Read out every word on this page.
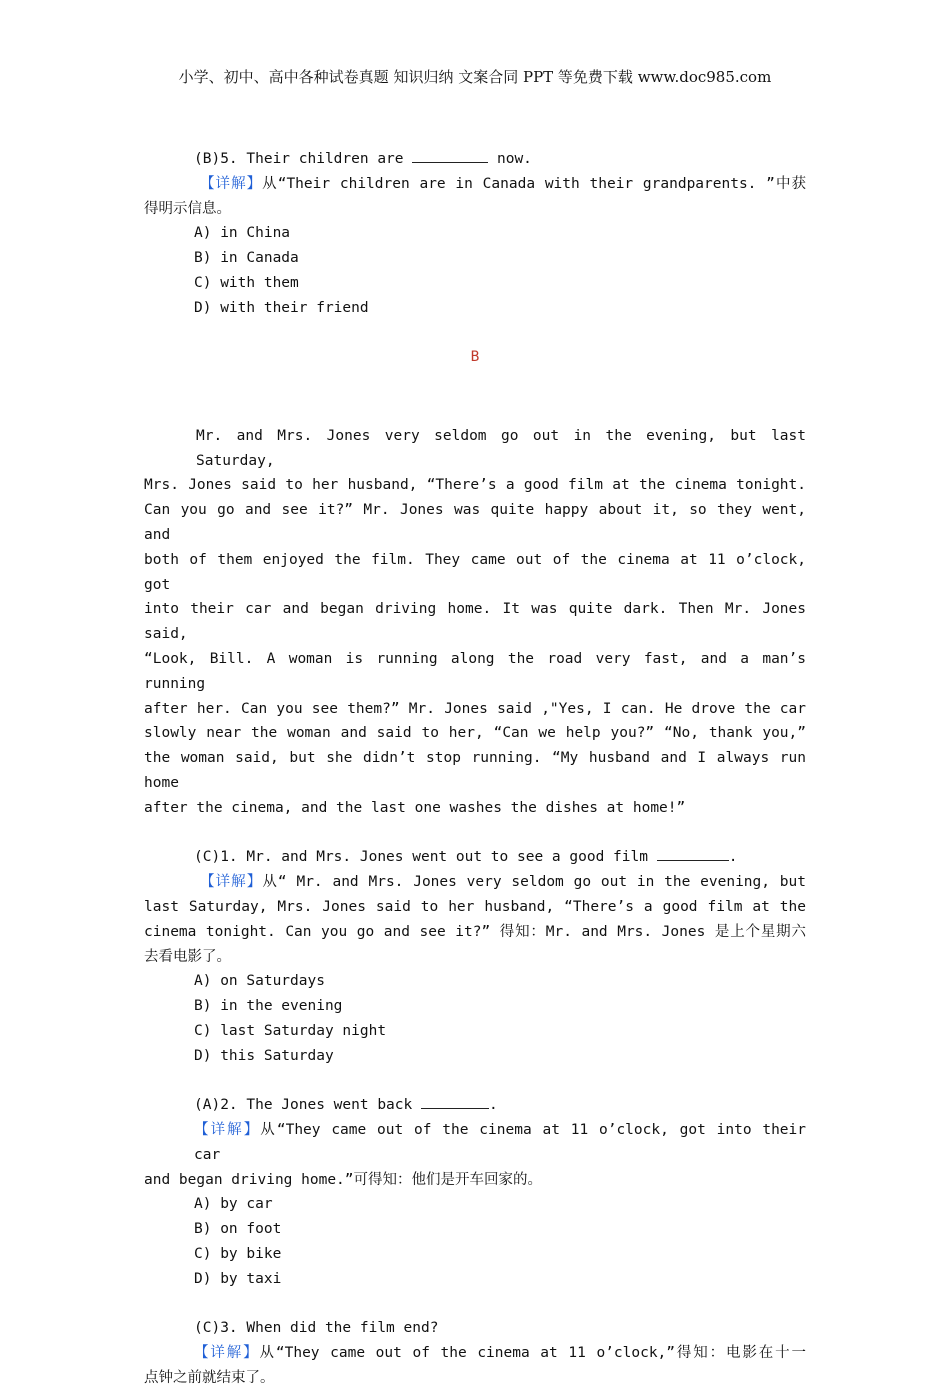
小学、初中、高中各种试卷真题 知识归纳 文案合同 PPT 等免费下载 www.doc985.com
(B)5. Their children are	now.
【详解】从“Their children are in Canada with their grandparents. ”中获
得明示信息。
A) in China
B) in Canada
C) with them
D) with their friend
B
Mr. and Mrs. Jones very seldom go out in the evening, but last Saturday,
Mrs. Jones said to her husband, “There’s a good film at the cinema tonight.
Can you go and see it?” Mr. Jones was quite happy about it, so they went, and
both of them enjoyed the film. They came out of the cinema at 11 o’clock, got
into their car and began driving home. It was quite dark. Then Mr. Jones said,
“Look, Bill. A woman is running along the road very fast, and a man’s running
after her. Can you see them?” Mr. Jones said ,"Yes, I can. He drove the car
slowly near the woman and said to her, “Can we help you?” “No, thank you,”
the woman said, but she didn’t stop running. “My husband and I always run home
after the cinema, and the last one washes the dishes at home!”
(C)1. Mr. and Mrs. Jones went out to see a good film	.
【详解】从“ Mr. and Mrs. Jones very seldom go out in the evening, but
last Saturday, Mrs. Jones said to her husband, “There’s a good film at the
cinema tonight. Can you go and see it?” 得知：Mr. and Mrs. Jones 是上个星期六
去看电影了。
A) on Saturdays
B) in the evening
C) last Saturday night
D) this Saturday
(A)2. The Jones went back	.
【详解】从“They came out of the cinema at 11 o’clock, got into their car
and began driving home.”可得知：他们是开车回家的。
A) by car
B) on foot
C) by bike
D) by taxi
(C)3. When did the film end?
【详解】从“They came out of the cinema at 11 o’clock,”得知：电影在十一
点钟之前就结束了。
